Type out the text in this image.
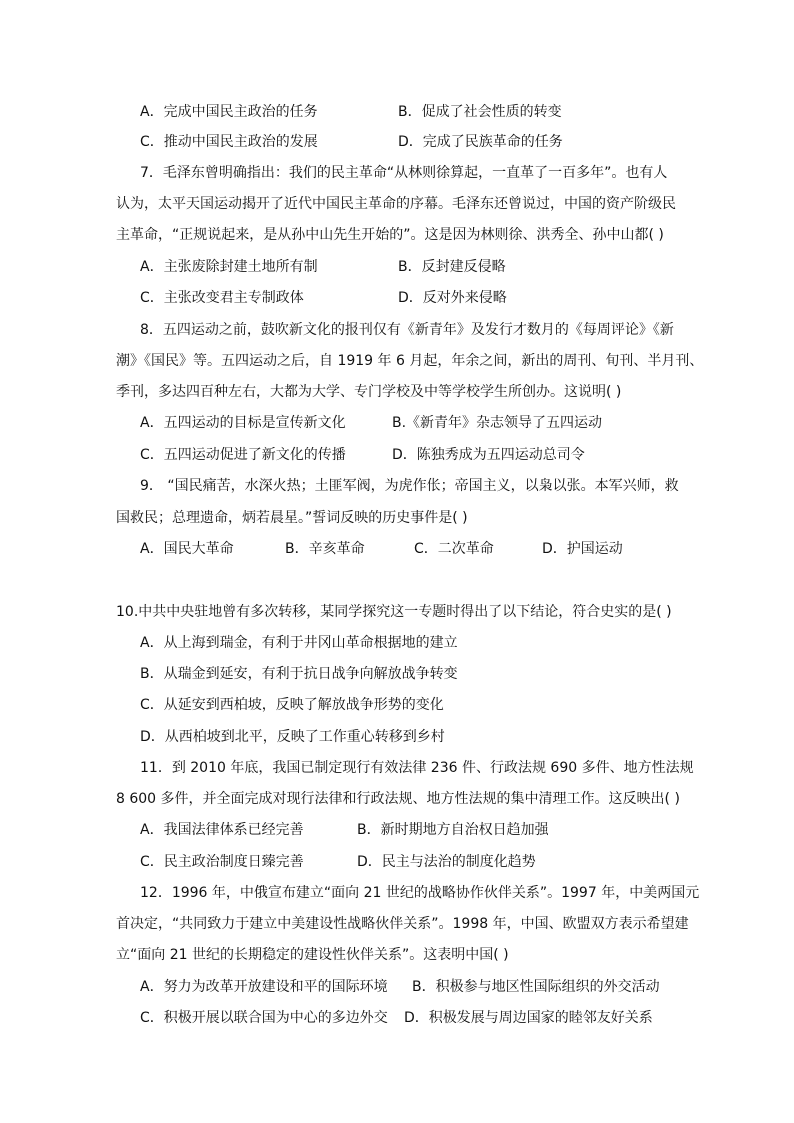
A．完成中国民主政治的任务	B．促成了社会性质的转变
C．推动中国民主政治的发展	D．完成了民族革命的任务
7．毛泽东曾明确指出：我们的民主革命“从林则徐算起，一直革了一百多年”。也有人
认为，太平天国运动揭开了近代中国民主革命的序幕。毛泽东还曾说过，中国的资产阶级民
主革命，“正规说起来，是从孙中山先生开始的”。这是因为林则徐、洪秀全、孙中山都( )
A．主张废除封建土地所有制	B．反封建反侵略
C．主张改变君主专制政体	D．反对外来侵略
8．五四运动之前，鼓吹新文化的报刊仅有《新青年》及发行才数月的《每周评论》《新
潮》《国民》等。五四运动之后，自 1919 年 6 月起，年余之间，新出的周刊、旬刊、半月刊、
季刊，多达四百种左右，大都为大学、专门学校及中等学校学生所创办。这说明( )
A．五四运动的目标是宣传新文化	B.《新青年》杂志领导了五四运动
C．五四运动促进了新文化的传播	D．陈独秀成为五四运动总司令
9． “国民痛苦，水深火热；土匪军阀，为虎作伥；帝国主义，以枭以张。本军兴师，救
国救民；总理遗命，炳若晨星。”誓词反映的历史事件是( )
A．国民大革命	B．辛亥革命	C．二次革命	D．护国运动
10.中共中央驻地曾有多次转移，某同学探究这一专题时得出了以下结论，符合史实的是( )
A．从上海到瑞金，有利于井冈山革命根据地的建立
B．从瑞金到延安，有利于抗日战争向解放战争转变
C．从延安到西柏坡，反映了解放战争形势的变化
D．从西柏坡到北平，反映了工作重心转移到乡村
11．到 2010 年底，我国已制定现行有效法律 236 件、行政法规 690 多件、地方性法规
8 600 多件，并全面完成对现行法律和行政法规、地方性法规的集中清理工作。这反映出( )
A．我国法律体系已经完善	B．新时期地方自治权日趋加强
C．民主政治制度日臻完善	D．民主与法治的制度化趋势
12．1996 年，中俄宣布建立“面向 21 世纪的战略协作伙伴关系”。1997 年，中美两国元
首决定，“共同致力于建立中美建设性战略伙伴关系”。1998 年，中国、欧盟双方表示希望建
立“面向 21 世纪的长期稳定的建设性伙伴关系”。这表明中国( )
A．努力为改革开放建设和平的国际环境 B．积极参与地区性国际组织的外交活动
C．积极开展以联合国为中心的多边外交 D．积极发展与周边国家的睦邻友好关系
